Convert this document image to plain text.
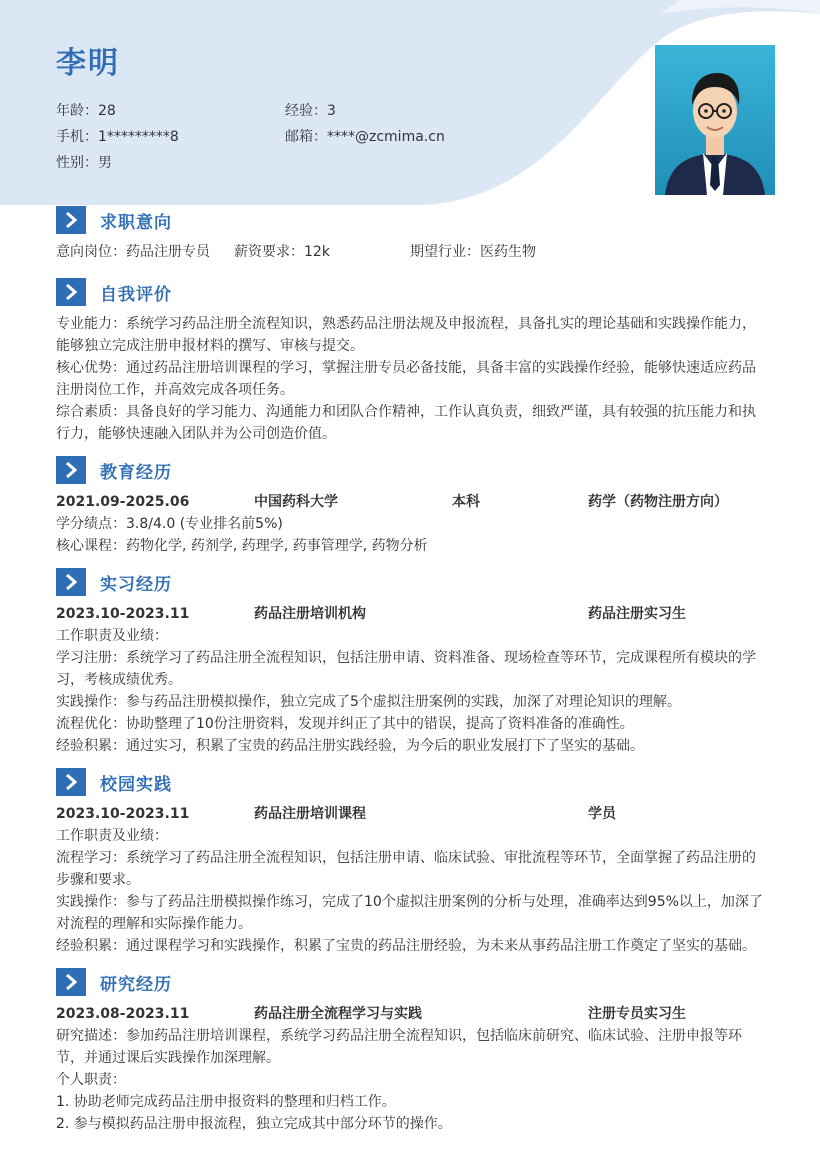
李明
年龄：28	经验：3
手机：1*********8	邮箱：****@zcmima.cn
性别：男
求职意向
意向岗位：药品注册专员	薪资要求：12k	期望行业：医药生物
自我评价
专业能力：系统学习药品注册全流程知识，熟悉药品注册法规及申报流程，具备扎实的理论基础和实践操作能力，
能够独立完成注册申报材料的撰写、审核与提交。
核心优势：通过药品注册培训课程的学习，掌握注册专员必备技能，具备丰富的实践操作经验，能够快速适应药品
注册岗位工作，并高效完成各项任务。
综合素质：具备良好的学习能力、沟通能力和团队合作精神，工作认真负责，细致严谨，具有较强的抗压能力和执
行力，能够快速融入团队并为公司创造价值。
教育经历
2021.09-2025.06	中国药科大学	本科	药学（药物注册方向）
学分绩点：3.8/4.0 (专业排名前5%)
核心课程：药物化学, 药剂学, 药理学, 药事管理学, 药物分析
实习经历
2023.10-2023.11	药品注册培训机构	药品注册实习生
工作职责及业绩：
学习注册：系统学习了药品注册全流程知识，包括注册申请、资料准备、现场检查等环节，完成课程所有模块的学
习，考核成绩优秀。
实践操作：参与药品注册模拟操作，独立完成了5个虚拟注册案例的实践，加深了对理论知识的理解。
流程优化：协助整理了10份注册资料，发现并纠正了其中的错误，提高了资料准备的准确性。
经验积累：通过实习，积累了宝贵的药品注册实践经验，为今后的职业发展打下了坚实的基础。
校园实践
2023.10-2023.11	药品注册培训课程	学员
工作职责及业绩：
流程学习：系统学习了药品注册全流程知识，包括注册申请、临床试验、审批流程等环节，全面掌握了药品注册的
步骤和要求。
实践操作：参与了药品注册模拟操作练习，完成了10个虚拟注册案例的分析与处理，准确率达到95%以上，加深了
对流程的理解和实际操作能力。
经验积累：通过课程学习和实践操作，积累了宝贵的药品注册经验，为未来从事药品注册工作奠定了坚实的基础。
研究经历
2023.08-2023.11	药品注册全流程学习与实践	注册专员实习生
研究描述：参加药品注册培训课程，系统学习药品注册全流程知识，包括临床前研究、临床试验、注册申报等环
节，并通过课后实践操作加深理解。
个人职责：
1. 协助老师完成药品注册申报资料的整理和归档工作。
2. 参与模拟药品注册申报流程，独立完成其中部分环节的操作。
